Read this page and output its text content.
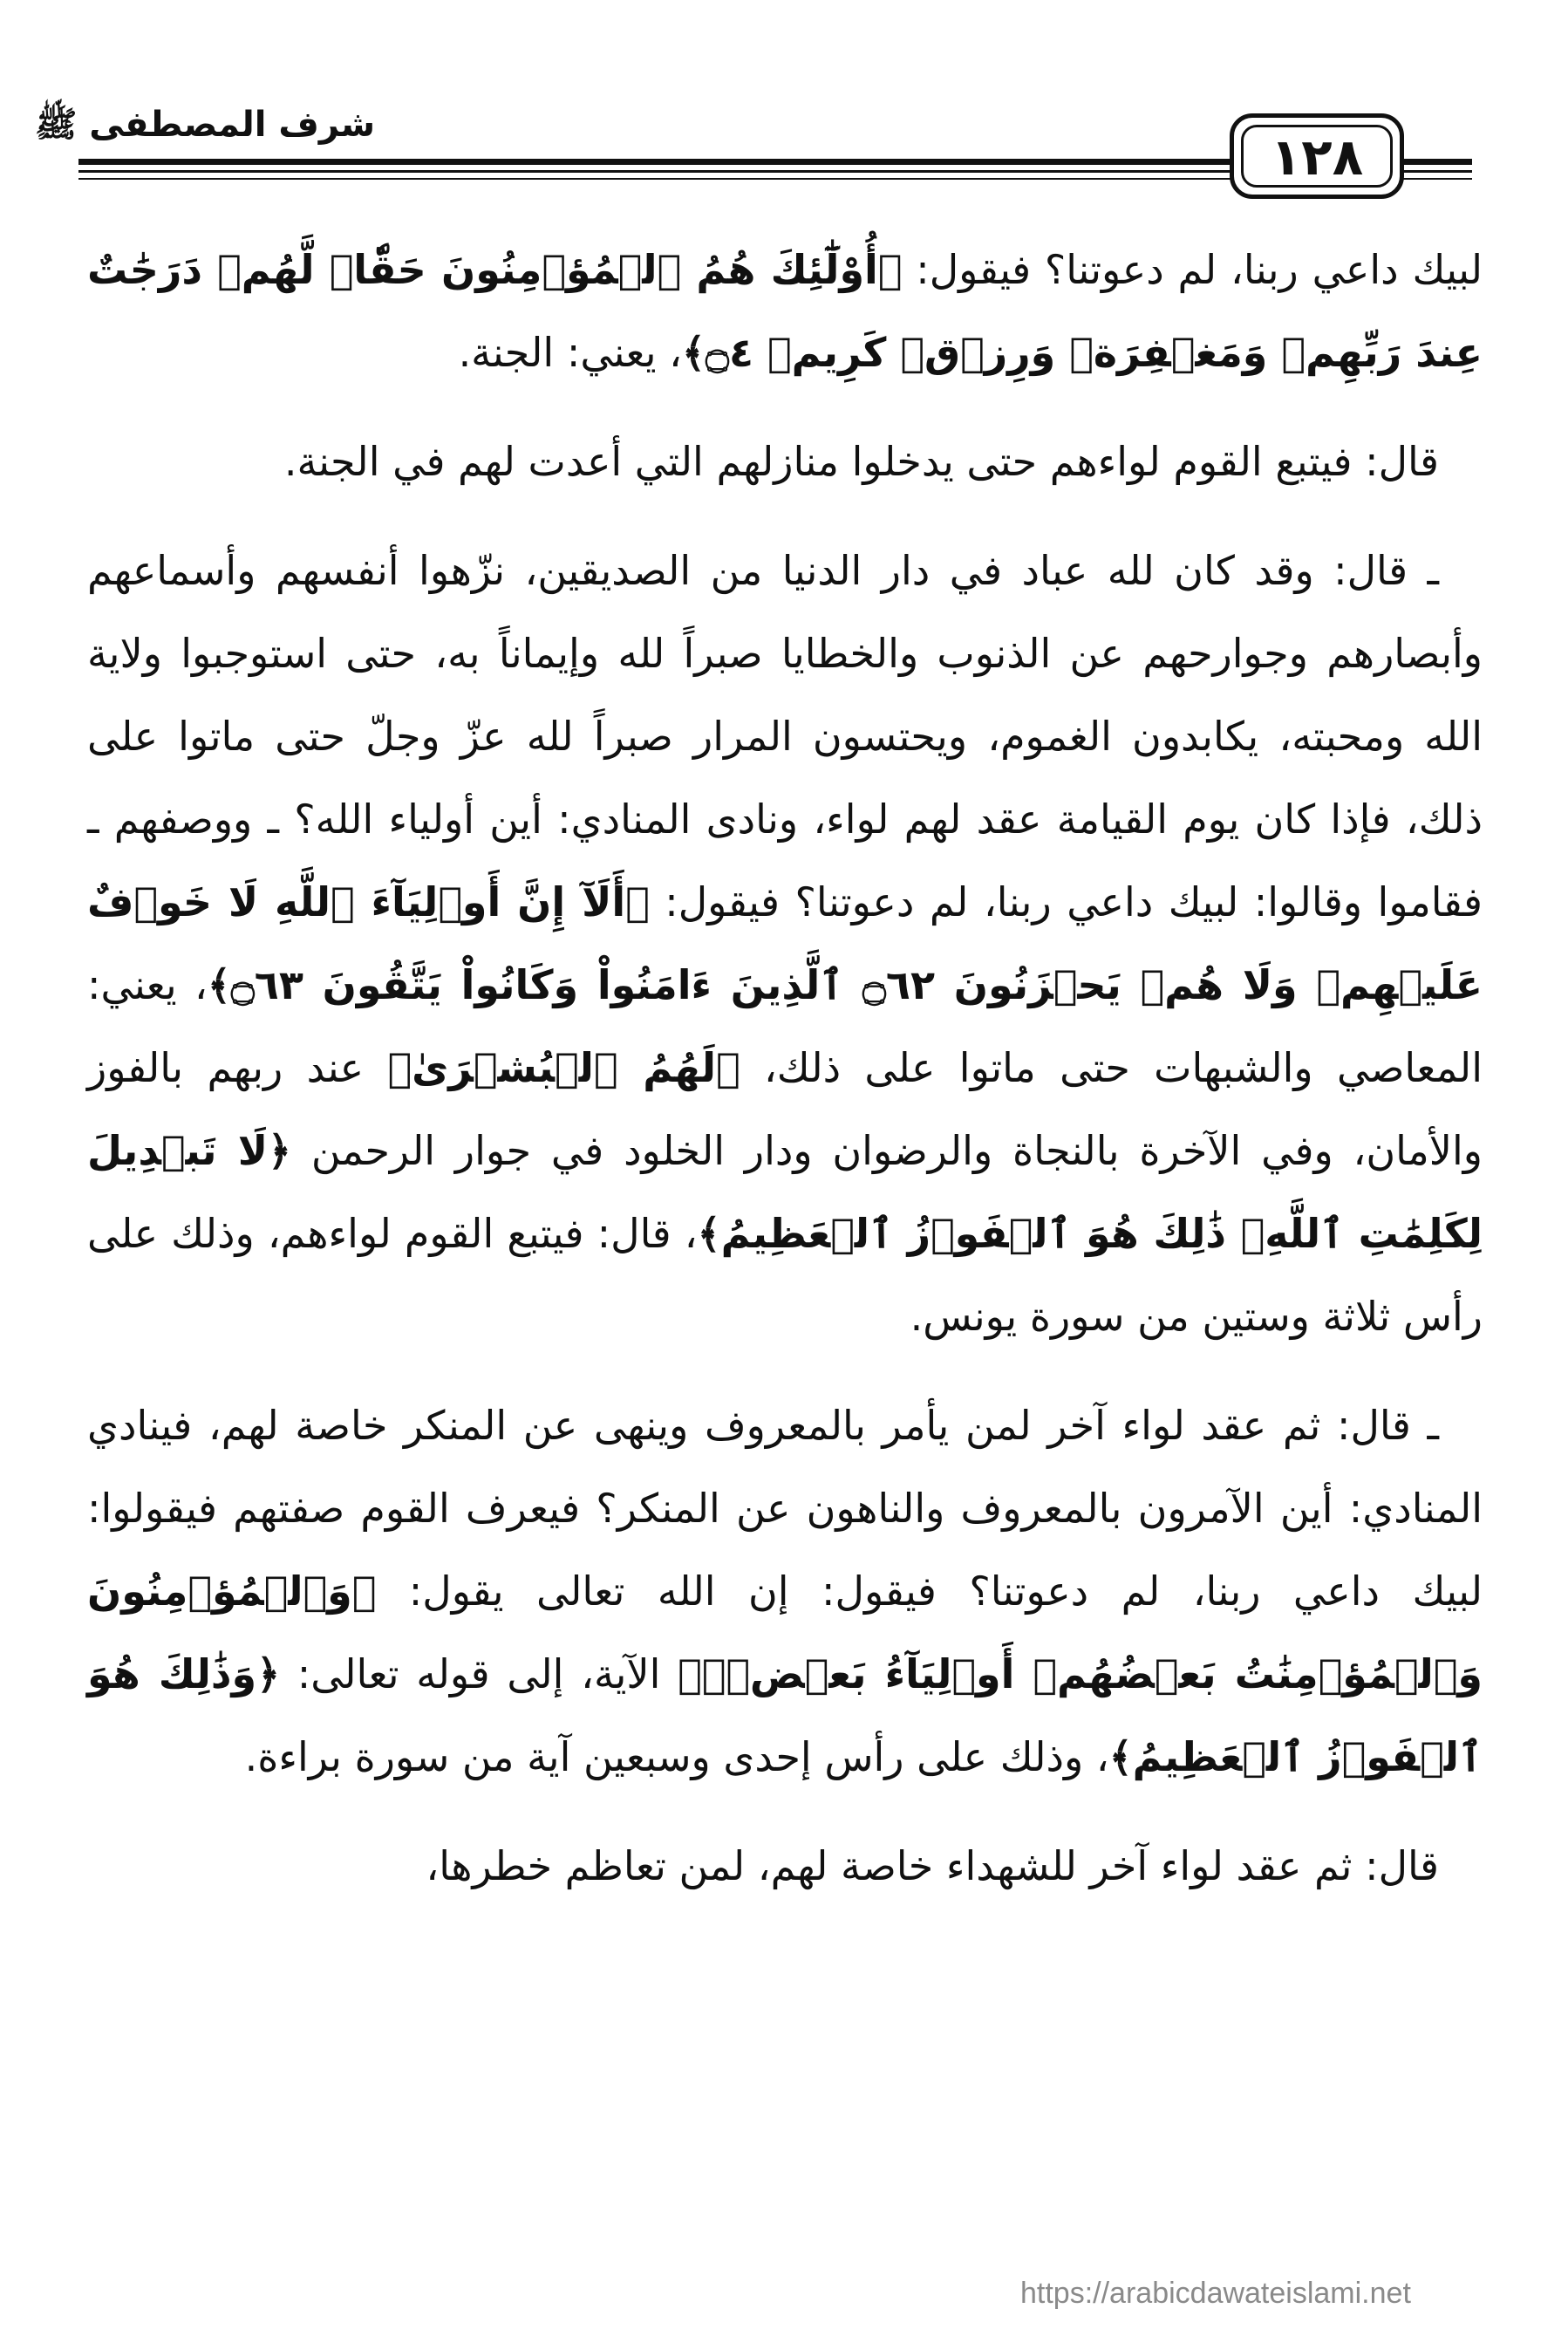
شرف المصطفى ﷺ
١٢٨

لبيك داعي ربنا، لم دعوتنا؟ فيقول: ﴿أُوْلَٰٓئِكَ هُمُ ٱلۡمُؤۡمِنُونَ حَقّٗاۚ لَّهُمۡ دَرَجَٰتٌ عِندَ رَبِّهِمۡ وَمَغۡفِرَةٞ وَرِزۡقٞ كَرِيمٞ ۝٤﴾، يعني: الجنة.

قال: فيتبع القوم لواءهم حتى يدخلوا منازلهم التي أعدت لهم في الجنة.

ـ قال: وقد كان لله عباد في دار الدنيا من الصديقين، نزّهوا أنفسهم وأسماعهم وأبصارهم وجوارحهم عن الذنوب والخطايا صبراً لله وإيماناً به، حتى استوجبوا ولاية الله ومحبته، يكابدون الغموم، ويحتسون المرار صبراً لله عزّ وجلّ حتى ماتوا على ذلك، فإذا كان يوم القيامة عقد لهم لواء، ونادى المنادي: أين أولياء الله؟ ـ ووصفهم ـ فقاموا وقالوا: لبيك داعي ربنا، لم دعوتنا؟ فيقول: ﴿أَلَآ إِنَّ أَوۡلِيَآءَ ٱللَّهِ لَا خَوۡفٌ عَلَيۡهِمۡ وَلَا هُمۡ يَحۡزَنُونَ ۝٦٢ ٱلَّذِينَ ءَامَنُواْ وَكَانُواْ يَتَّقُونَ ۝٦٣﴾، يعني: المعاصي والشبهات حتى ماتوا على ذلك، ﴿لَهُمُ ٱلۡبُشۡرَىٰ﴾ عند ربهم بالفوز والأمان، وفي الآخرة بالنجاة والرضوان ودار الخلود في جوار الرحمن ﴿لَا تَبۡدِيلَ لِكَلِمَٰتِ ٱللَّهِۚ ذَٰلِكَ هُوَ ٱلۡفَوۡزُ ٱلۡعَظِيمُ﴾، قال: فيتبع القوم لواءهم، وذلك على رأس ثلاثة وستين من سورة يونس.

ـ قال: ثم عقد لواء آخر لمن يأمر بالمعروف وينهى عن المنكر خاصة لهم، فينادي المنادي: أين الآمرون بالمعروف والناهون عن المنكر؟ فيعرف القوم صفتهم فيقولوا: لبيك داعي ربنا، لم دعوتنا؟ فيقول: إن الله تعالى يقول: ﴿وَٱلۡمُؤۡمِنُونَ وَٱلۡمُؤۡمِنَٰتُ بَعۡضُهُمۡ أَوۡلِيَآءُ بَعۡضٖۚ﴾ الآية، إلى قوله تعالى: ﴿وَذَٰلِكَ هُوَ ٱلۡفَوۡزُ ٱلۡعَظِيمُ﴾، وذلك على رأس إحدى وسبعين آية من سورة براءة.

قال: ثم عقد لواء آخر للشهداء خاصة لهم، لمن تعاظم خطرها،

https://arabicdawateislami.net
